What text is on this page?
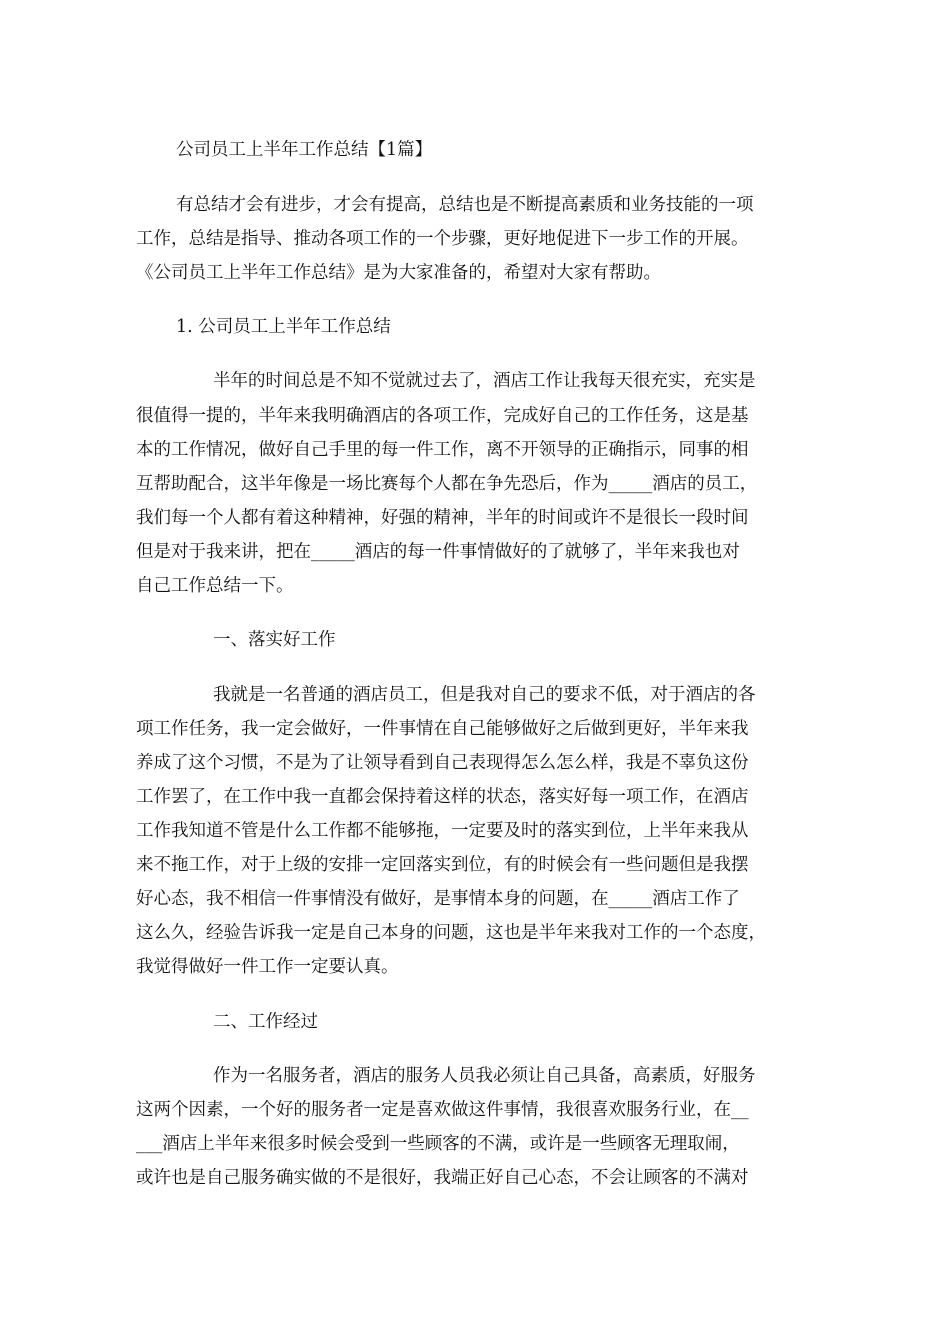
公司员工上半年工作总结【1篇】
有总结才会有进步，才会有提高，总结也是不断提高素质和业务技能的一项
工作，总结是指导、推动各项工作的一个步骤，更好地促进下一步工作的开展。
《公司员工上半年工作总结》是为大家准备的，希望对大家有帮助。
1. 公司员工上半年工作总结
半年的时间总是不知不觉就过去了，酒店工作让我每天很充实，充实是
很值得一提的，半年来我明确酒店的各项工作，完成好自己的工作任务，这是基
本的工作情况，做好自己手里的每一件工作，离不开领导的正确指示，同事的相
互帮助配合，这半年像是一场比赛每个人都在争先恐后，作为_____酒店的员工，
我们每一个人都有着这种精神，好强的精神，半年的时间或许不是很长一段时间
但是对于我来讲，把在_____酒店的每一件事情做好的了就够了，半年来我也对
自己工作总结一下。
一、落实好工作
我就是一名普通的酒店员工，但是我对自己的要求不低，对于酒店的各
项工作任务，我一定会做好，一件事情在自己能够做好之后做到更好，半年来我
养成了这个习惯，不是为了让领导看到自己表现得怎么怎么样，我是不辜负这份
工作罢了，在工作中我一直都会保持着这样的状态，落实好每一项工作，在酒店
工作我知道不管是什么工作都不能够拖，一定要及时的落实到位，上半年来我从
来不拖工作，对于上级的安排一定回落实到位，有的时候会有一些问题但是我摆
好心态，我不相信一件事情没有做好，是事情本身的问题，在_____酒店工作了
这么久，经验告诉我一定是自己本身的问题，这也是半年来我对工作的一个态度，
我觉得做好一件工作一定要认真。
二、工作经过
作为一名服务者，酒店的服务人员我必须让自己具备，高素质，好服务
这两个因素，一个好的服务者一定是喜欢做这件事情，我很喜欢服务行业，在__
___酒店上半年来很多时候会受到一些顾客的不满，或许是一些顾客无理取闹，
或许也是自己服务确实做的不是很好，我端正好自己心态，不会让顾客的不满对
